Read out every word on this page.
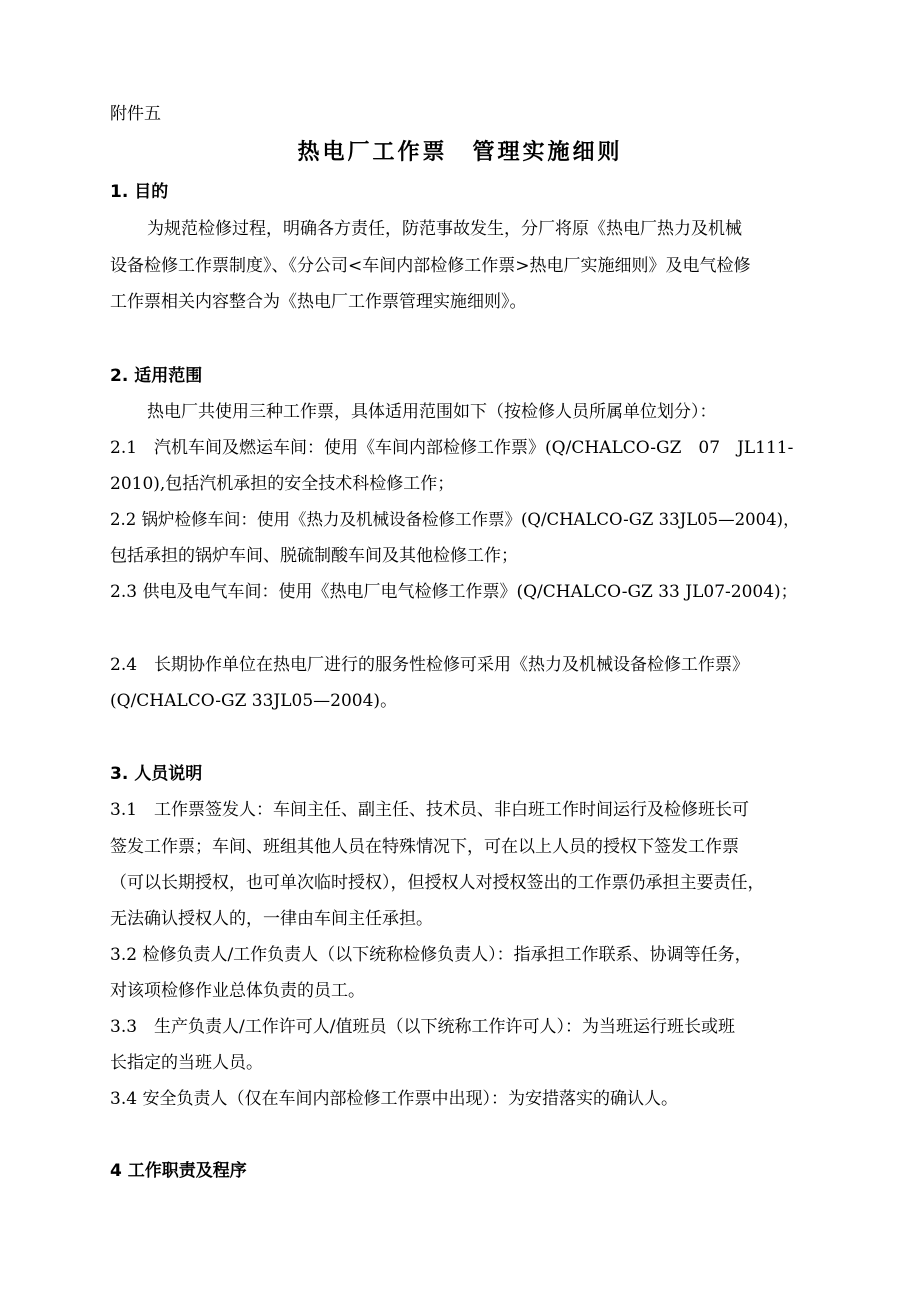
附件五
热电厂工作票　管理实施细则
1. 目的
为规范检修过程，明确各方责任，防范事故发生，分厂将原《热电厂热力及机械
设备检修工作票制度》、《分公司<车间内部检修工作票>热电厂实施细则》及电气检修
工作票相关内容整合为《热电厂工作票管理实施细则》。
2. 适用范围
热电厂共使用三种工作票，具体适用范围如下（按检修人员所属单位划分）：
2.1　汽机车间及燃运车间：使用《车间内部检修工作票》(Q/CHALCO-GZ　07　JL111-
2010),包括汽机承担的安全技术科检修工作；
2.2 锅炉检修车间：使用《热力及机械设备检修工作票》(Q/CHALCO-GZ 33JL05—2004)，
包括承担的锅炉车间、脱硫制酸车间及其他检修工作；
2.3 供电及电气车间：使用《热电厂电气检修工作票》(Q/CHALCO-GZ 33 JL07-2004)；
2.4　长期协作单位在热电厂进行的服务性检修可采用《热力及机械设备检修工作票》
(Q/CHALCO-GZ 33JL05—2004)。
3. 人员说明
3.1　工作票签发人：车间主任、副主任、技术员、非白班工作时间运行及检修班长可
签发工作票；车间、班组其他人员在特殊情况下，可在以上人员的授权下签发工作票
（可以长期授权，也可单次临时授权），但授权人对授权签出的工作票仍承担主要责任，
无法确认授权人的，一律由车间主任承担。
3.2 检修负责人/工作负责人（以下统称检修负责人）：指承担工作联系、协调等任务，
对该项检修作业总体负责的员工。
3.3　生产负责人/工作许可人/值班员（以下统称工作许可人）：为当班运行班长或班
长指定的当班人员。
3.4 安全负责人（仅在车间内部检修工作票中出现）：为安措落实的确认人。
4 工作职责及程序
